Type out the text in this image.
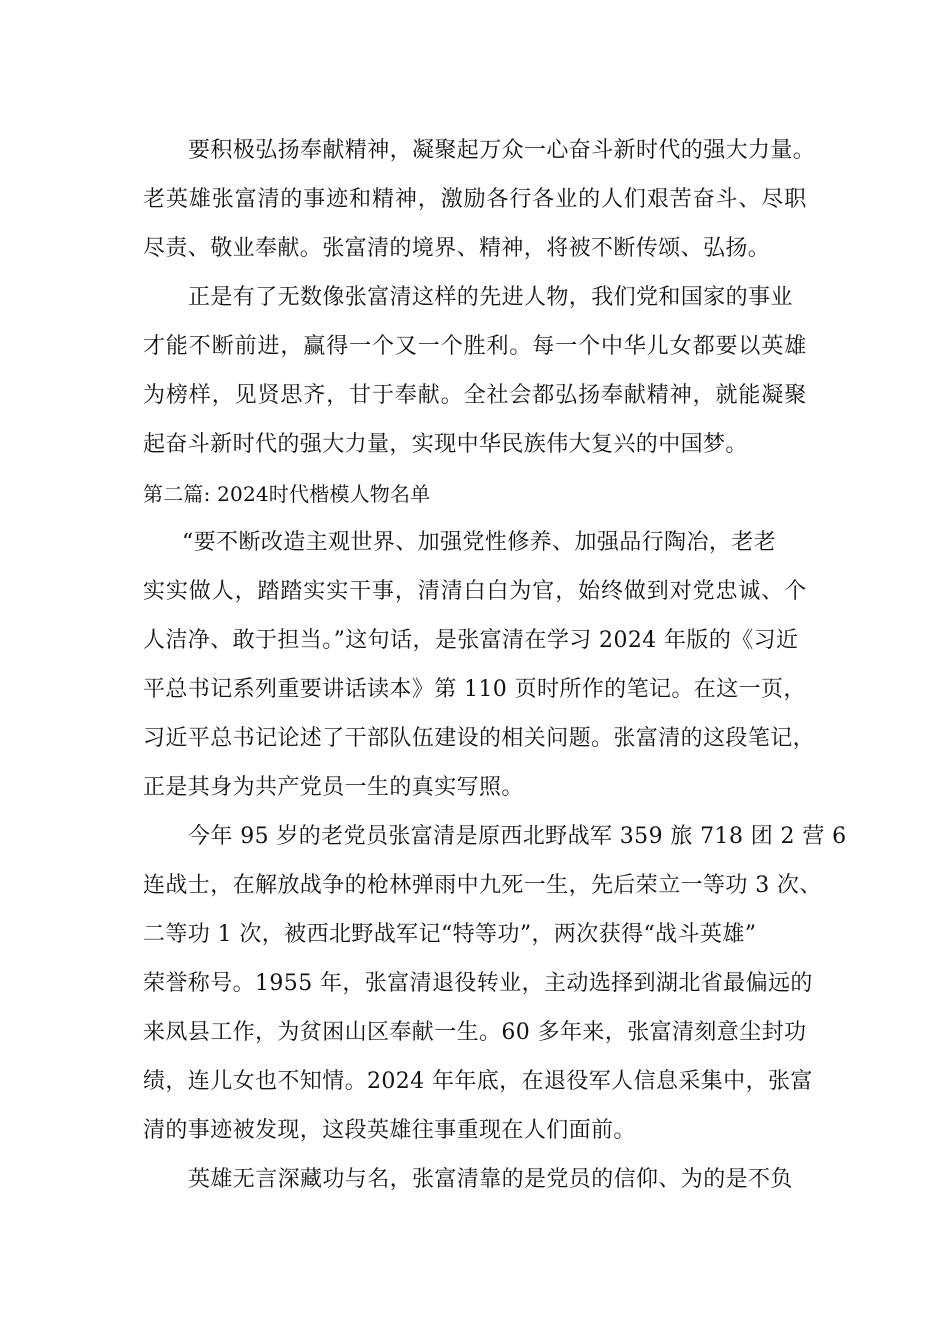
要积极弘扬奉献精神，凝聚起万众一心奋斗新时代的强大力量。
老英雄张富清的事迹和精神，激励各行各业的人们艰苦奋斗、尽职
尽责、敬业奉献。张富清的境界、精神，将被不断传颂、弘扬。
正是有了无数像张富清这样的先进人物，我们党和国家的事业
才能不断前进，赢得一个又一个胜利。每一个中华儿女都要以英雄
为榜样，见贤思齐，甘于奉献。全社会都弘扬奉献精神，就能凝聚
起奋斗新时代的强大力量，实现中华民族伟大复兴的中国梦。
第二篇: 2024时代楷模人物名单
“要不断改造主观世界、加强党性修养、加强品行陶冶，老老
实实做人，踏踏实实干事，清清白白为官，始终做到对党忠诚、个
人洁净、敢于担当。”这句话，是张富清在学习 2024 年版的《习近
平总书记系列重要讲话读本》第 110 页时所作的笔记。在这一页，
习近平总书记论述了干部队伍建设的相关问题。张富清的这段笔记，
正是其身为共产党员一生的真实写照。
今年 95 岁的老党员张富清是原西北野战军 359 旅 718 团 2 营 6
连战士，在解放战争的枪林弹雨中九死一生，先后荣立一等功 3 次、
二等功 1 次，被西北野战军记“特等功”，两次获得“战斗英雄”
荣誉称号。1955 年，张富清退役转业，主动选择到湖北省最偏远的
来凤县工作，为贫困山区奉献一生。60 多年来，张富清刻意尘封功
绩，连儿女也不知情。2024 年年底，在退役军人信息采集中，张富
清的事迹被发现，这段英雄往事重现在人们面前。
英雄无言深藏功与名，张富清靠的是党员的信仰、为的是不负
